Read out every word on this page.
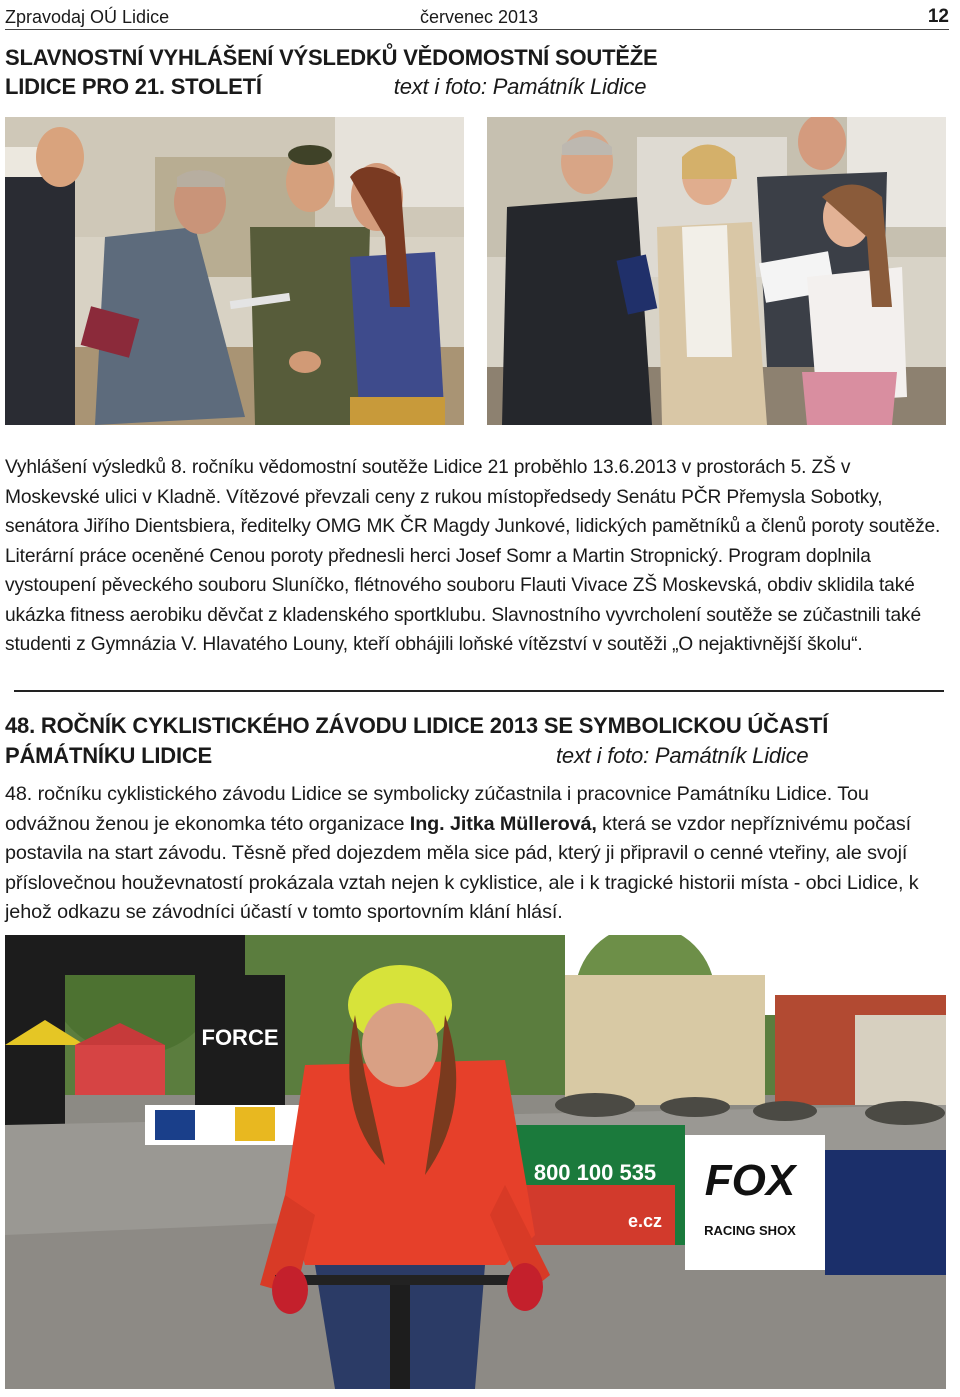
Zpravodaj OÚ Lidice	červenec 2013	12
SLAVNOSTNÍ VYHLÁŠENÍ VÝSLEDKŮ VĚDOMOSTNÍ SOUTĚŽE
LIDICE PRO 21. STOLETÍ	text i foto: Památník Lidice
Vyhlášení výsledků 8. ročníku vědomostní soutěže Lidice 21 proběhlo 13.6.2013 v prostorách 5. ZŠ v Moskevské ulici v Kladně. Vítězové převzali ceny z rukou místopředsedy Senátu PČR Přemysla Sobotky, senátora Jiřího Dientsbiera, ředitelky OMG MK ČR Magdy Junkové, lidických pamětníků a členů poroty soutěže. Literární práce oceněné Cenou poroty přednesli herci Josef Somr a Martin Stropnický. Program doplnila vystoupení pěveckého souboru Sluníčko, flétnového souboru Flauti Vivace ZŠ Moskevská, obdiv sklidila také ukázka fitness aerobiku děvčat z kladenského sportklubu. Slavnostního vyvrcholení soutěže se zúčastnili také studenti z Gymnázia V. Hlavatého Louny, kteří obhájili loňské vítězství v soutěži „O nejaktivnější školu“.
48. ROČNÍK CYKLISTICKÉHO ZÁVODU LIDICE 2013 SE SYMBOLICKOU ÚČASTÍ
PÁMÁTNÍKU LIDICE	text i foto: Památník Lidice
48. ročníku cyklistického závodu Lidice se symbolicky zúčastnila i pracovnice Památníku Lidice. Tou odvážnou ženou je ekonomka této organizace Ing. Jitka Müllerová, která se vzdor nepříznivému počasí postavila na start závodu. Těsně před dojezdem měla sice pád, který ji připravil o cenné vteřiny, ale svojí příslovečnou houževnatostí prokázala vztah nejen k cyklistice, ale i k tragické historii místa - obci Lidice, k jehož odkazu se závodníci účastí v tomto sportovním klání hlásí.
FORCE
800 100 535
e.cz
FOX
RACING SHOX
